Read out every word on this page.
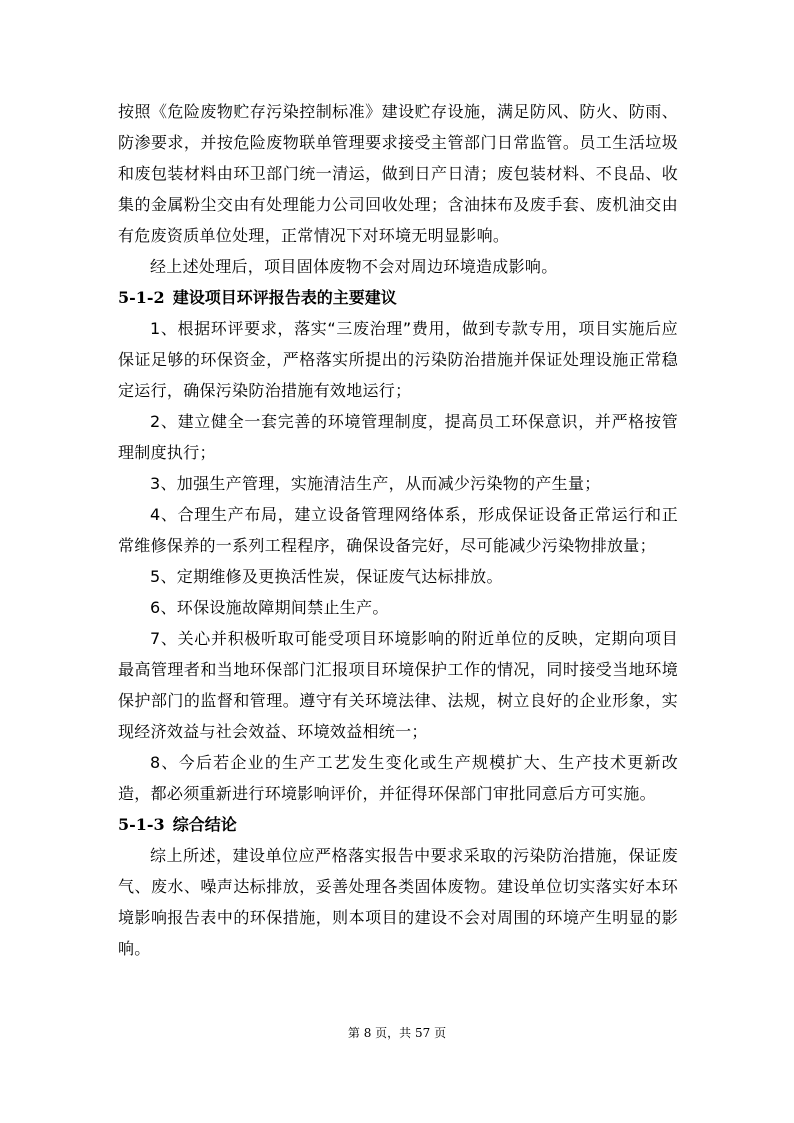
按照《危险废物贮存污染控制标准》建设贮存设施，满足防风、防火、防雨、防渗要求，并按危险废物联单管理要求接受主管部门日常监管。员工生活垃圾和废包装材料由环卫部门统一清运，做到日产日清；废包装材料、不良品、收集的金属粉尘交由有处理能力公司回收处理；含油抹布及废手套、废机油交由有危废资质单位处理，正常情况下对环境无明显影响。

经上述处理后，项目固体废物不会对周边环境造成影响。

5-1-2 建设项目环评报告表的主要建议

1、根据环评要求，落实“三废治理”费用，做到专款专用，项目实施后应保证足够的环保资金，严格落实所提出的污染防治措施并保证处理设施正常稳定运行，确保污染防治措施有效地运行；

2、建立健全一套完善的环境管理制度，提高员工环保意识，并严格按管理制度执行；

3、加强生产管理，实施清洁生产，从而减少污染物的产生量；

4、合理生产布局，建立设备管理网络体系，形成保证设备正常运行和正常维修保养的一系列工程程序，确保设备完好，尽可能减少污染物排放量；

5、定期维修及更换活性炭，保证废气达标排放。

6、环保设施故障期间禁止生产。

7、关心并积极听取可能受项目环境影响的附近单位的反映，定期向项目最高管理者和当地环保部门汇报项目环境保护工作的情况，同时接受当地环境保护部门的监督和管理。遵守有关环境法律、法规，树立良好的企业形象，实现经济效益与社会效益、环境效益相统一；

8、今后若企业的生产工艺发生变化或生产规模扩大、生产技术更新改造，都必须重新进行环境影响评价，并征得环保部门审批同意后方可实施。

5-1-3 综合结论

综上所述，建设单位应严格落实报告中要求采取的污染防治措施，保证废气、废水、噪声达标排放，妥善处理各类固体废物。建设单位切实落实好本环境影响报告表中的环保措施，则本项目的建设不会对周围的环境产生明显的影响。

第 8 页，共 57 页
